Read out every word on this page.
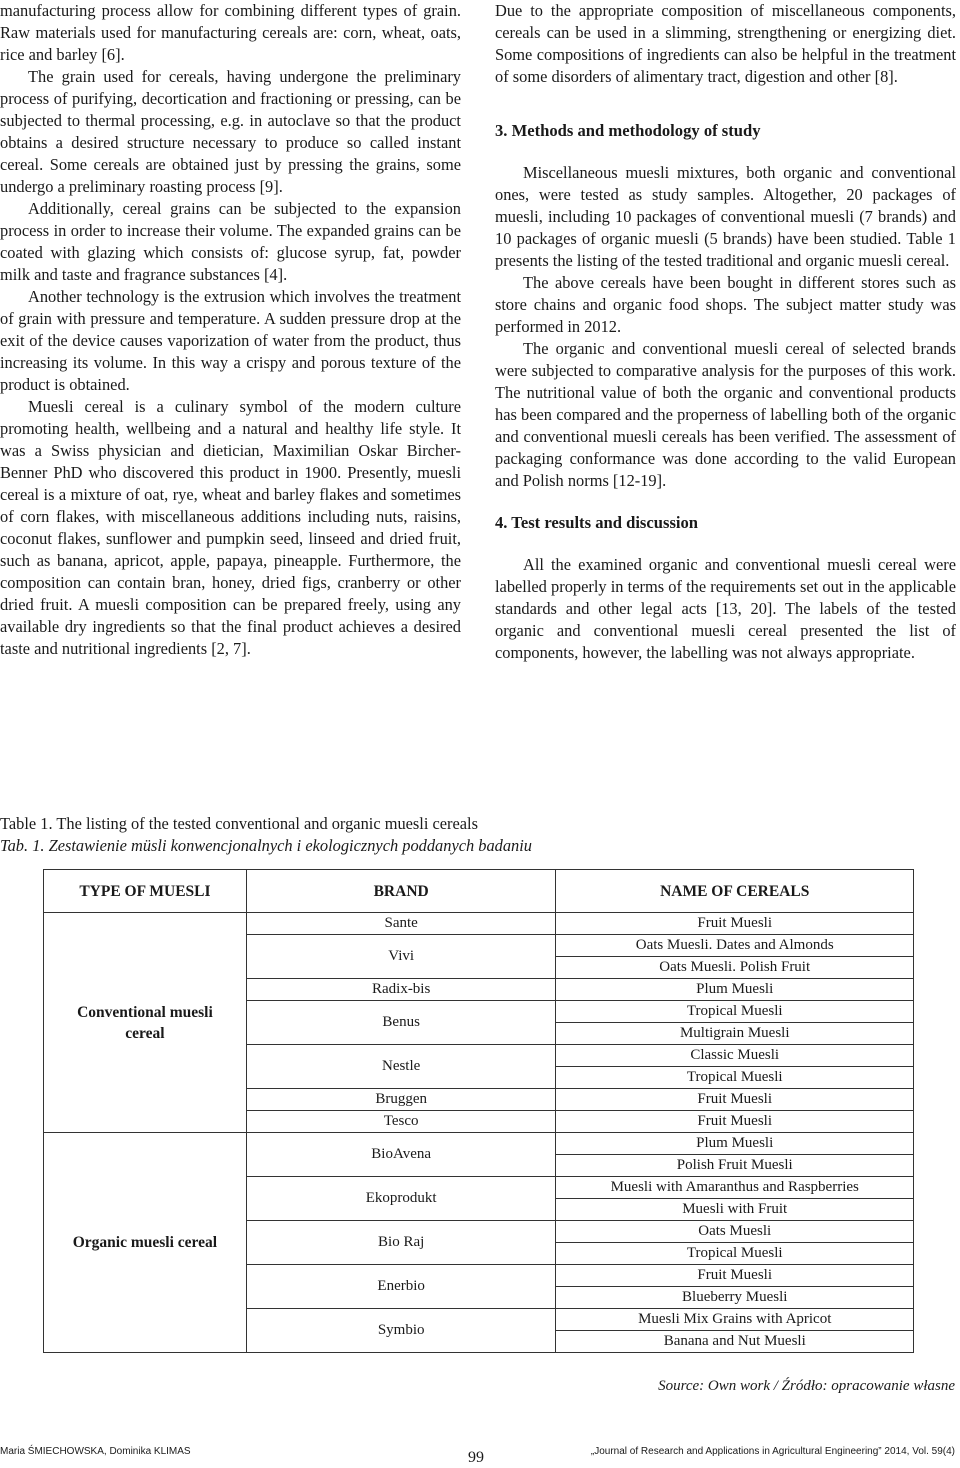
manufacturing process allow for combining different types of grain. Raw materials used for manufacturing cereals are: corn, wheat, oats, rice and barley [6].

The grain used for cereals, having undergone the preliminary process of purifying, decortication and fractioning or pressing, can be subjected to thermal processing, e.g. in autoclave so that the product obtains a desired structure necessary to produce so called instant cereal. Some cereals are obtained just by pressing the grains, some undergo a preliminary roasting process [9].

Additionally, cereal grains can be subjected to the expansion process in order to increase their volume. The expanded grains can be coated with glazing which consists of: glucose syrup, fat, powder milk and taste and fragrance substances [4].

Another technology is the extrusion which involves the treatment of grain with pressure and temperature. A sudden pressure drop at the exit of the device causes vaporization of water from the product, thus increasing its volume. In this way a crispy and porous texture of the product is obtained.

Muesli cereal is a culinary symbol of the modern culture promoting health, wellbeing and a natural and healthy life style. It was a Swiss physician and dietician, Maximilian Oskar Bircher-Benner PhD who discovered this product in 1900. Presently, muesli cereal is a mixture of oat, rye, wheat and barley flakes and sometimes of corn flakes, with miscellaneous additions including nuts, raisins, coconut flakes, sunflower and pumpkin seed, linseed and dried fruit, such as banana, apricot, apple, papaya, pineapple. Furthermore, the composition can contain bran, honey, dried figs, cranberry or other dried fruit. A muesli composition can be prepared freely, using any available dry ingredients so that the final product achieves a desired taste and nutritional ingredients [2, 7].

Due to the appropriate composition of miscellaneous components, cereals can be used in a slimming, strengthening or energizing diet. Some compositions of ingredients can also be helpful in the treatment of some disorders of alimentary tract, digestion and other [8].

3. Methods and methodology of study

Miscellaneous muesli mixtures, both organic and conventional ones, were tested as study samples. Altogether, 20 packages of muesli, including 10 packages of conventional muesli (7 brands) and 10 packages of organic muesli (5 brands) have been studied. Table 1 presents the listing of the tested traditional and organic muesli cereal.

The above cereals have been bought in different stores such as store chains and organic food shops. The subject matter study was performed in 2012.

The organic and conventional muesli cereal of selected brands were subjected to comparative analysis for the purposes of this work. The nutritional value of both the organic and conventional products has been compared and the properness of labelling both of the organic and conventional muesli cereals has been verified. The assessment of packaging conformance was done according to the valid European and Polish norms [12-19].

4. Test results and discussion

All the examined organic and conventional muesli cereal were labelled properly in terms of the requirements set out in the applicable standards and other legal acts [13, 20]. The labels of the tested organic and conventional muesli cereal presented the list of components, however, the labelling was not always appropriate.

Table 1. The listing of the tested conventional and organic muesli cereals
Tab. 1. Zestawienie müsli konwencjonalnych i ekologicznych poddanych badaniu
TYPE OF MUESLI	BRAND	NAME OF CEREALS
Conventional muesli cereal	Sante	Fruit Muesli
	Vivi	Oats Muesli. Dates and Almonds
		Oats Muesli. Polish Fruit
	Radix-bis	Plum Muesli
	Benus	Tropical Muesli
		Multigrain Muesli
	Nestle	Classic Muesli
		Tropical Muesli
	Bruggen	Fruit Muesli
	Tesco	Fruit Muesli
Organic muesli cereal	BioAvena	Plum Muesli
		Polish Fruit Muesli
	Ekoprodukt	Muesli with Amaranthus and Raspberries
		Muesli with Fruit
	Bio Raj	Oats Muesli
		Tropical Muesli
	Enerbio	Fruit Muesli
		Blueberry Muesli
	Symbio	Muesli Mix Grains with Apricot
		Banana and Nut Muesli
Source: Own work / Źródło: opracowanie własne
Maria ŚMIECHOWSKA, Dominika KLIMAS	99	„Journal of Research and Applications in Agricultural Engineering” 2014, Vol. 59(4)
